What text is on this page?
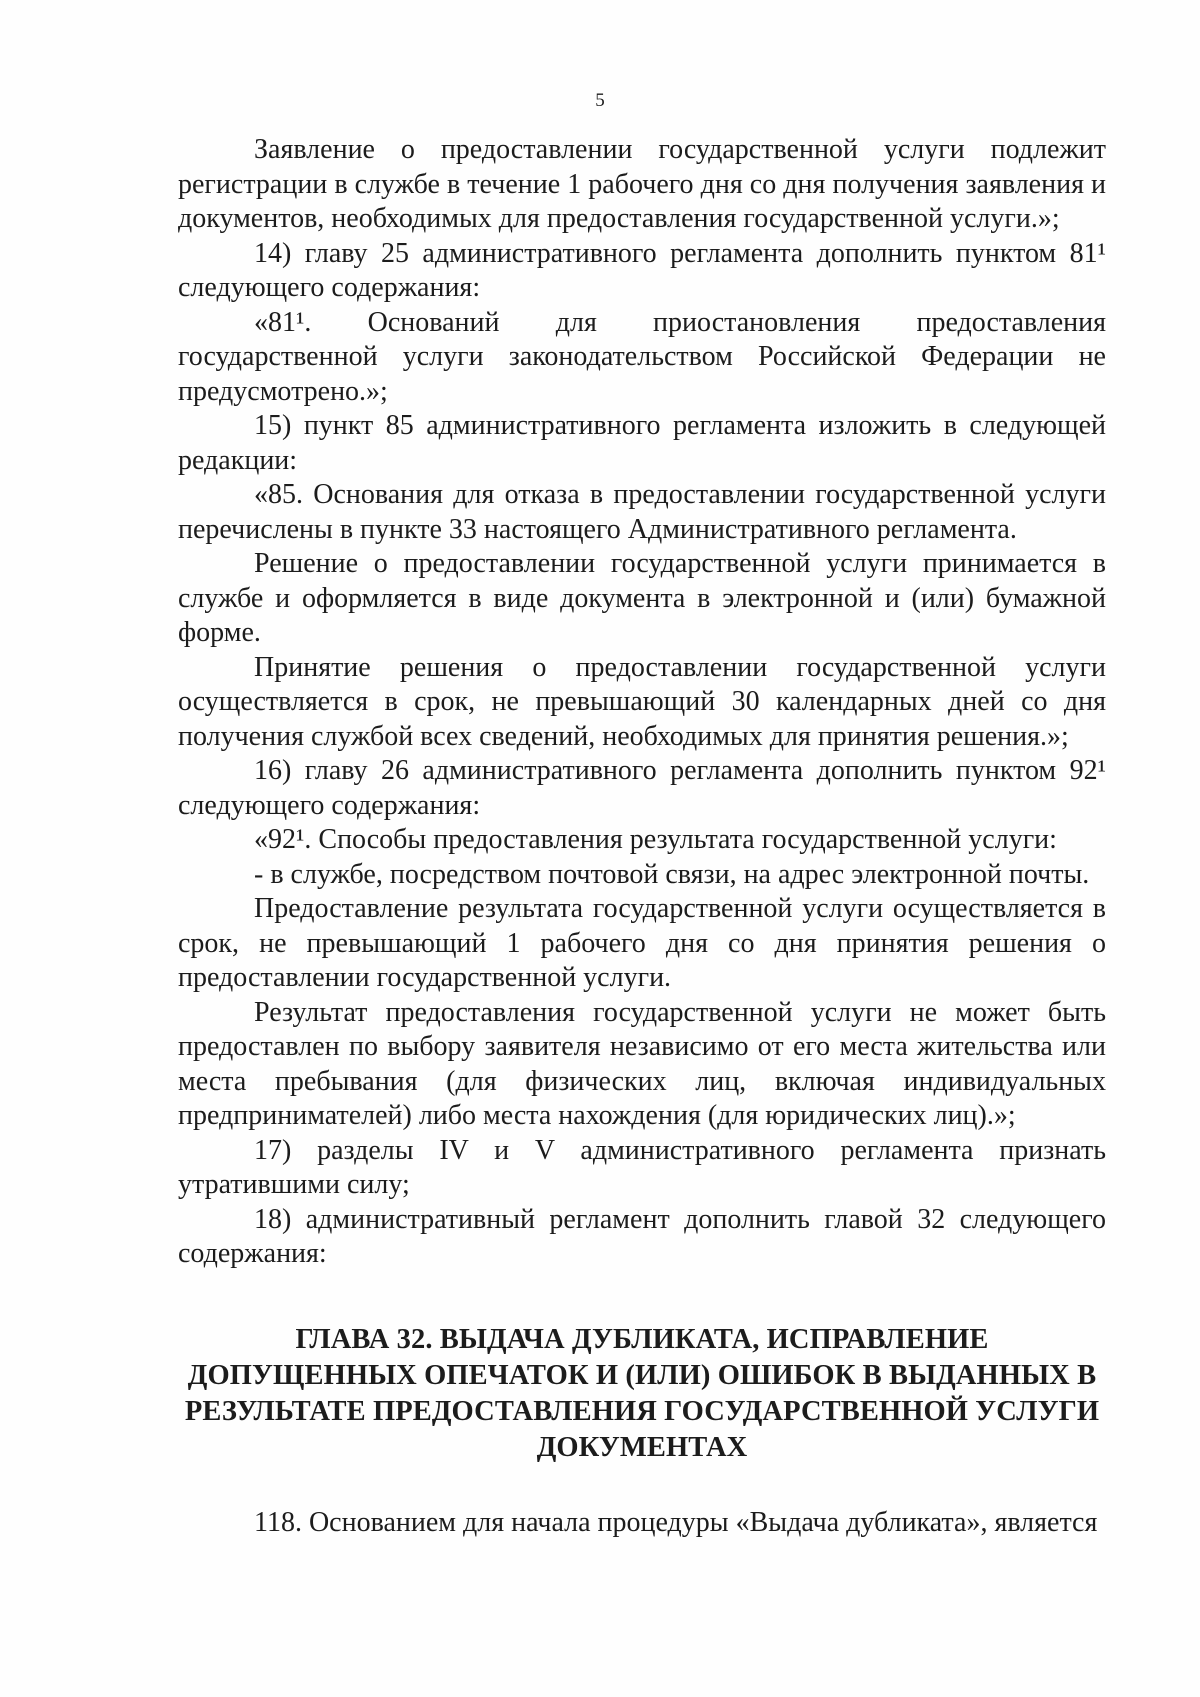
5

Заявление о предоставлении государственной услуги подлежит регистрации в службе в течение 1 рабочего дня со дня получения заявления и документов, необходимых для предоставления государственной услуги.»;

14) главу 25 административного регламента дополнить пунктом 81¹ следующего содержания:

«81¹. Оснований для приостановления предоставления государственной услуги законодательством Российской Федерации не предусмотрено.»;

15) пункт 85 административного регламента изложить в следующей редакции:

«85. Основания для отказа в предоставлении государственной услуги перечислены в пункте 33 настоящего Административного регламента.

Решение о предоставлении государственной услуги принимается в службе и оформляется в виде документа в электронной и (или) бумажной форме.

Принятие решения о предоставлении государственной услуги осуществляется в срок, не превышающий 30 календарных дней со дня получения службой всех сведений, необходимых для принятия решения.»;

16) главу 26 административного регламента дополнить пунктом 92¹ следующего содержания:

«92¹. Способы предоставления результата государственной услуги:

- в службе, посредством почтовой связи, на адрес электронной почты.

Предоставление результата государственной услуги осуществляется в срок, не превышающий 1 рабочего дня со дня принятия решения о предоставлении государственной услуги.

Результат предоставления государственной услуги не может быть предоставлен по выбору заявителя независимо от его места жительства или места пребывания (для физических лиц, включая индивидуальных предпринимателей) либо места нахождения (для юридических лиц).»;

17) разделы IV и V административного регламента признать утратившими силу;

18) административный регламент дополнить главой 32 следующего содержания:

ГЛАВА 32. ВЫДАЧА ДУБЛИКАТА, ИСПРАВЛЕНИЕ ДОПУЩЕННЫХ ОПЕЧАТОК И (ИЛИ) ОШИБОК В ВЫДАННЫХ В РЕЗУЛЬТАТЕ ПРЕДОСТАВЛЕНИЯ ГОСУДАРСТВЕННОЙ УСЛУГИ ДОКУМЕНТАХ

118. Основанием для начала процедуры «Выдача дубликата», является
